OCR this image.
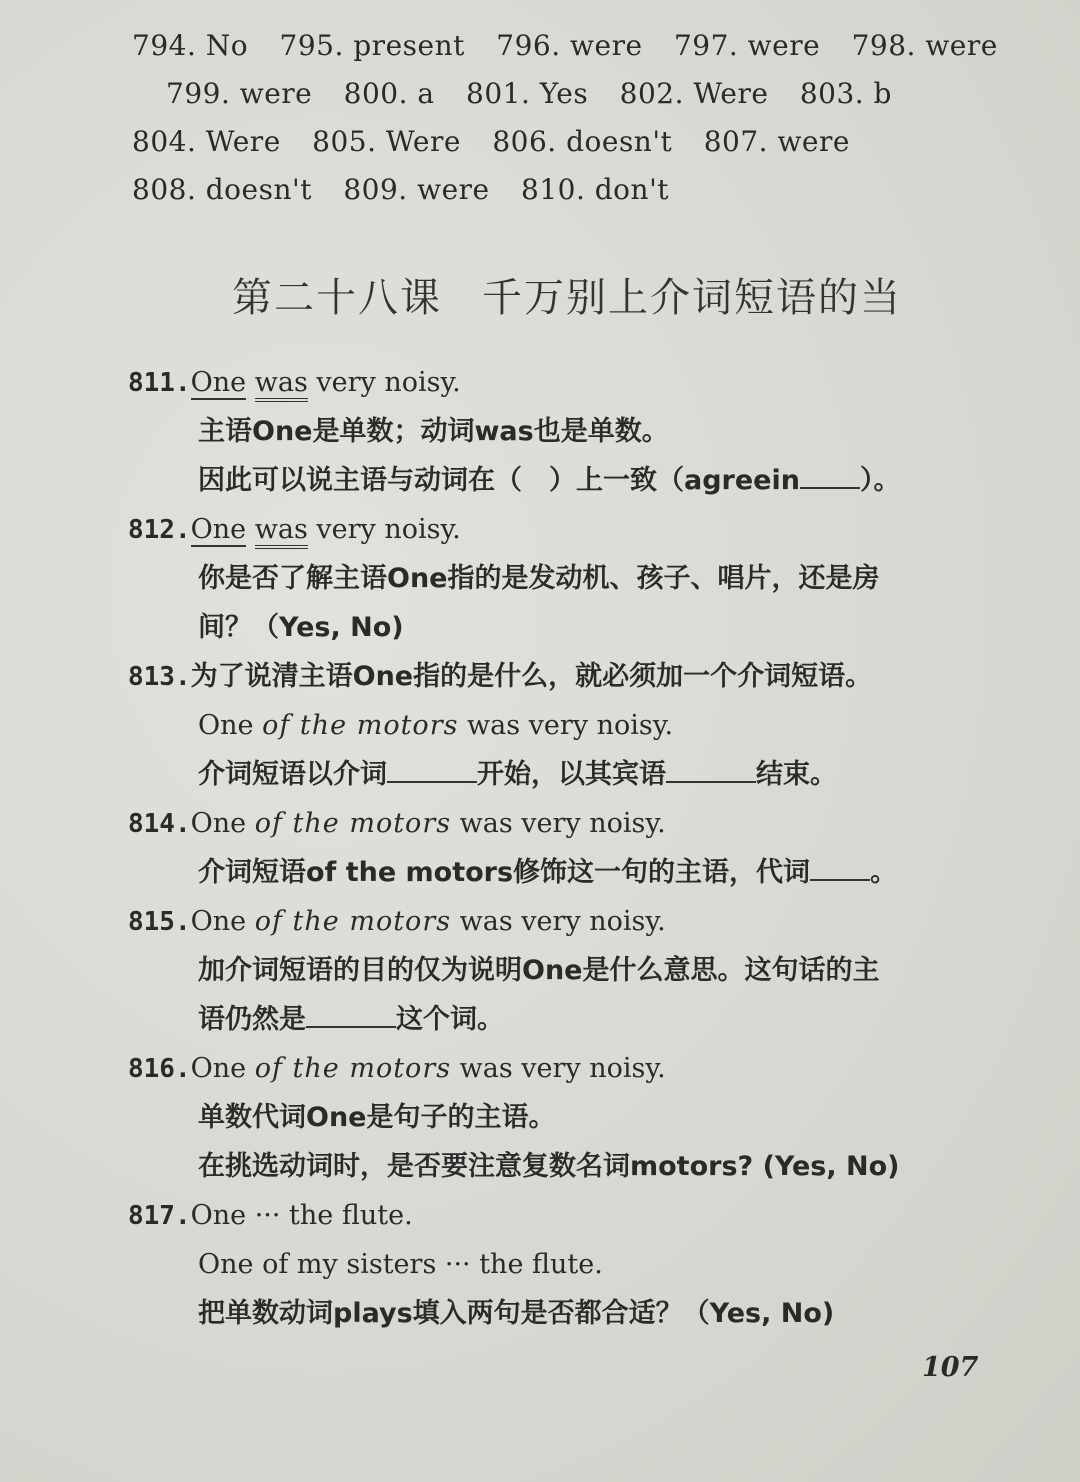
794. No 795. present 796. were 797. were 798. were
799. were 800. a 801. Yes 802. Were 803. b
804. Were 805. Were 806. doesn't 807. were
808. doesn't 809. were 810. don't
第二十八课 千万别上介词短语的当
811.One was very noisy.
主语One是单数；动词was也是单数。
因此可以说主语与动词在（　）上一致（agreein ）。
812.One was very noisy.
你是否了解主语One指的是发动机、孩子、唱片，还是房
间？（Yes, No)
813.为了说清主语One指的是什么，就必须加一个介词短语。
One of the motors was very noisy.
介词短语以介词	开始，以其宾语	结束。
814.One of the motors was very noisy.
介词短语of the motors修饰这一句的主语，代词 。
815.One of the motors was very noisy.
加介词短语的目的仅为说明One是什么意思。这句话的主
语仍然是	这个词。
816.One of the motors was very noisy.
单数代词One是句子的主语。
在挑选动词时，是否要注意复数名词motors? (Yes, No)
817.One ··· the flute.
One of my sisters ··· the flute.
把单数动词plays填入两句是否都合适？（Yes, No)
107
